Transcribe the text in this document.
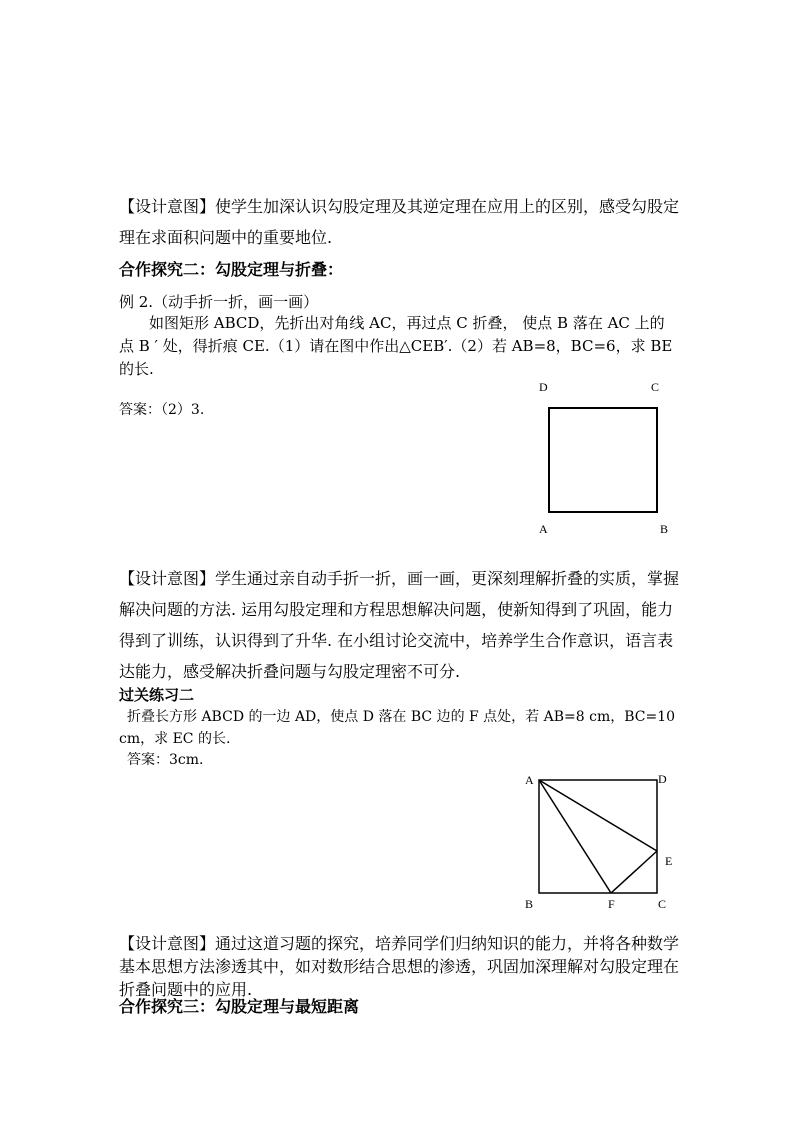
【设计意图】使学生加深认识勾股定理及其逆定理在应用上的区别，感受勾股定理在求面积问题中的重要地位.

合作探究二：勾股定理与折叠：
例 2.（动手折一折，画一画）

如图矩形 ABCD，先折出对角线 AC，再过点 C 折叠， 使点 B 落在 AC 上的点 B ′ 处，得折痕 CE.（1）请在图中作出△CEB′.（2）若 AB=8，BC=6，求 BE 的长.

答案：（2）3.
D	C
A	B

【设计意图】学生通过亲自动手折一折，画一画，更深刻理解折叠的实质，掌握解决问题的方法. 运用勾股定理和方程思想解决问题，使新知得到了巩固，能力得到了训练，认识得到了升华. 在小组讨论交流中，培养学生合作意识，语言表达能力，感受解决折叠问题与勾股定理密不可分.

过关练习二

折叠长方形 ABCD 的一边 AD，使点 D 落在 BC 边的 F 点处，若 AB=8 cm，BC=10 cm，求 EC 的长.

答案：3cm.
A	D
E
B	F	C

【设计意图】通过这道习题的探究，培养同学们归纳知识的能力，并将各种数学基本思想方法渗透其中，如对数形结合思想的渗透，巩固加深理解对勾股定理在折叠问题中的应用.

合作探究三：勾股定理与最短距离
